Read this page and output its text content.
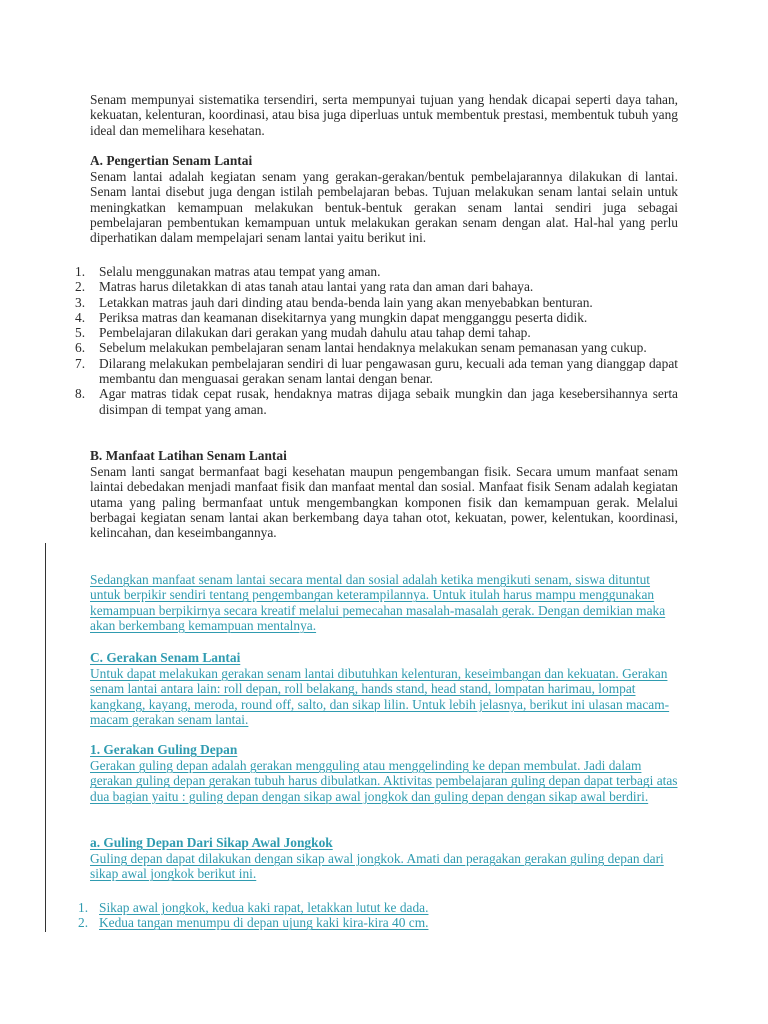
Senam mempunyai sistematika tersendiri, serta mempunyai tujuan yang hendak dicapai seperti daya tahan, kekuatan, kelenturan, koordinasi, atau bisa juga diperluas untuk membentuk prestasi, membentuk tubuh yang ideal dan memelihara kesehatan.
A. Pengertian Senam Lantai
Senam lantai adalah kegiatan senam yang gerakan-gerakan/bentuk pembelajarannya dilakukan di lantai. Senam lantai disebut juga dengan istilah pembelajaran bebas. Tujuan melakukan senam lantai selain untuk meningkatkan kemampuan melakukan bentuk-bentuk gerakan senam lantai sendiri juga sebagai pembelajaran pembentukan kemampuan untuk melakukan gerakan senam dengan alat. Hal-hal yang perlu diperhatikan dalam mempelajari senam lantai yaitu berikut ini.
1. Selalu menggunakan matras atau tempat yang aman.
2. Matras harus diletakkan di atas tanah atau lantai yang rata dan aman dari bahaya.
3. Letakkan matras jauh dari dinding atau benda-benda lain yang akan menyebabkan benturan.
4. Periksa matras dan keamanan disekitarnya yang mungkin dapat mengganggu peserta didik.
5. Pembelajaran dilakukan dari gerakan yang mudah dahulu atau tahap demi tahap.
6. Sebelum melakukan pembelajaran senam lantai hendaknya melakukan senam pemanasan yang cukup.
7. Dilarang melakukan pembelajaran sendiri di luar pengawasan guru, kecuali ada teman yang dianggap dapat membantu dan menguasai gerakan senam lantai dengan benar.
8. Agar matras tidak cepat rusak, hendaknya matras dijaga sebaik mungkin dan jaga kesebersihannya serta disimpan di tempat yang aman.
B. Manfaat Latihan Senam Lantai
Senam lanti sangat bermanfaat bagi kesehatan maupun pengembangan fisik. Secara umum manfaat senam laintai debedakan menjadi manfaat fisik dan manfaat mental dan sosial. Manfaat fisik Senam adalah kegiatan utama yang paling bermanfaat untuk mengembangkan komponen fisik dan kemampuan gerak. Melalui berbagai kegiatan senam lantai akan berkembang daya tahan otot, kekuatan, power, kelentukan, koordinasi, kelincahan, dan keseimbangannya.
Sedangkan manfaat senam lantai secara mental dan sosial adalah ketika mengikuti senam, siswa dituntut untuk berpikir sendiri tentang pengembangan keterampilannya. Untuk itulah harus mampu menggunakan kemampuan berpikirnya secara kreatif melalui pemecahan masalah-masalah gerak. Dengan demikian maka akan berkembang kemampuan mentalnya.
C. Gerakan Senam Lantai
Untuk dapat melakukan gerakan senam lantai dibutuhkan kelenturan, keseimbangan dan kekuatan. Gerakan senam lantai antara lain: roll depan, roll belakang, hands stand, head stand, lompatan harimau, lompat kangkang, kayang, meroda, round off, salto, dan sikap lilin. Untuk lebih jelasnya, berikut ini ulasan macam-macam gerakan senam lantai.
1. Gerakan Guling Depan
Gerakan guling depan adalah gerakan mengguling atau menggelinding ke depan membulat. Jadi dalam gerakan guling depan gerakan tubuh harus dibulatkan. Aktivitas pembelajaran guling depan dapat terbagi atas dua bagian yaitu : guling depan dengan sikap awal jongkok dan guling depan dengan sikap awal berdiri.
a. Guling Depan Dari Sikap Awal Jongkok
Guling depan dapat dilakukan dengan sikap awal jongkok. Amati dan peragakan gerakan guling depan dari sikap awal jongkok berikut ini.
1. Sikap awal jongkok, kedua kaki rapat, letakkan lutut ke dada.
2. Kedua tangan menumpu di depan ujung kaki kira-kira 40 cm.
